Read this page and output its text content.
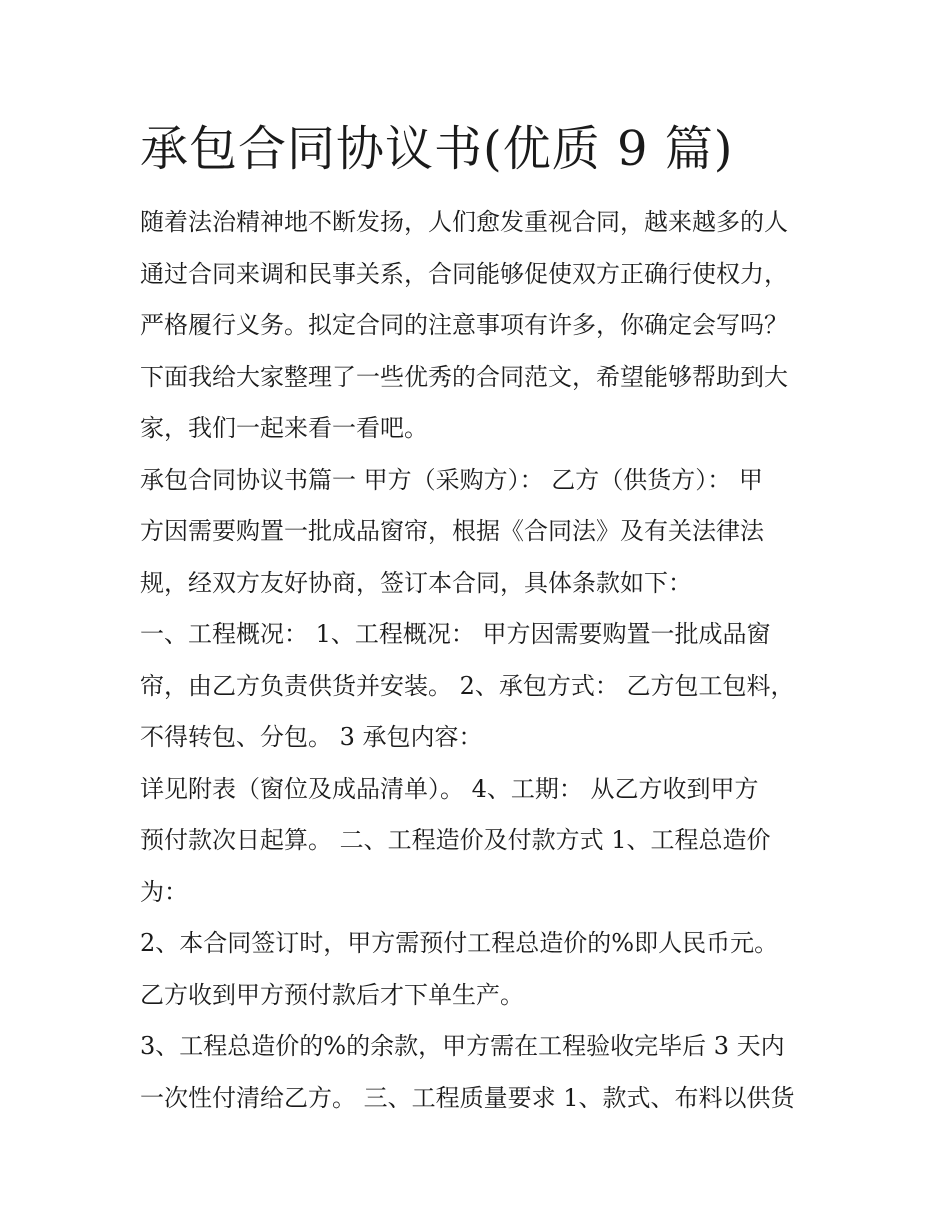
承包合同协议书(优质 9 篇)
随着法治精神地不断发扬，人们愈发重视合同，越来越多的人
通过合同来调和民事关系，合同能够促使双方正确行使权力，
严格履行义务。拟定合同的注意事项有许多，你确定会写吗？
下面我给大家整理了一些优秀的合同范文，希望能够帮助到大
家，我们一起来看一看吧。
承包合同协议书篇一 甲方（采购方）： 乙方（供货方）： 甲
方因需要购置一批成品窗帘，根据《合同法》及有关法律法
规，经双方友好协商，签订本合同，具体条款如下：
一、工程概况： 1、工程概况： 甲方因需要购置一批成品窗
帘，由乙方负责供货并安装。 2、承包方式： 乙方包工包料，
不得转包、分包。 3 承包内容：
详见附表（窗位及成品清单）。 4、工期： 从乙方收到甲方
预付款次日起算。 二、工程造价及付款方式 1、工程总造价
为：
2、本合同签订时，甲方需预付工程总造价的%即人民币元。
乙方收到甲方预付款后才下单生产。
3、工程总造价的%的余款，甲方需在工程验收完毕后 3 天内
一次性付清给乙方。 三、工程质量要求 1、款式、布料以供货
